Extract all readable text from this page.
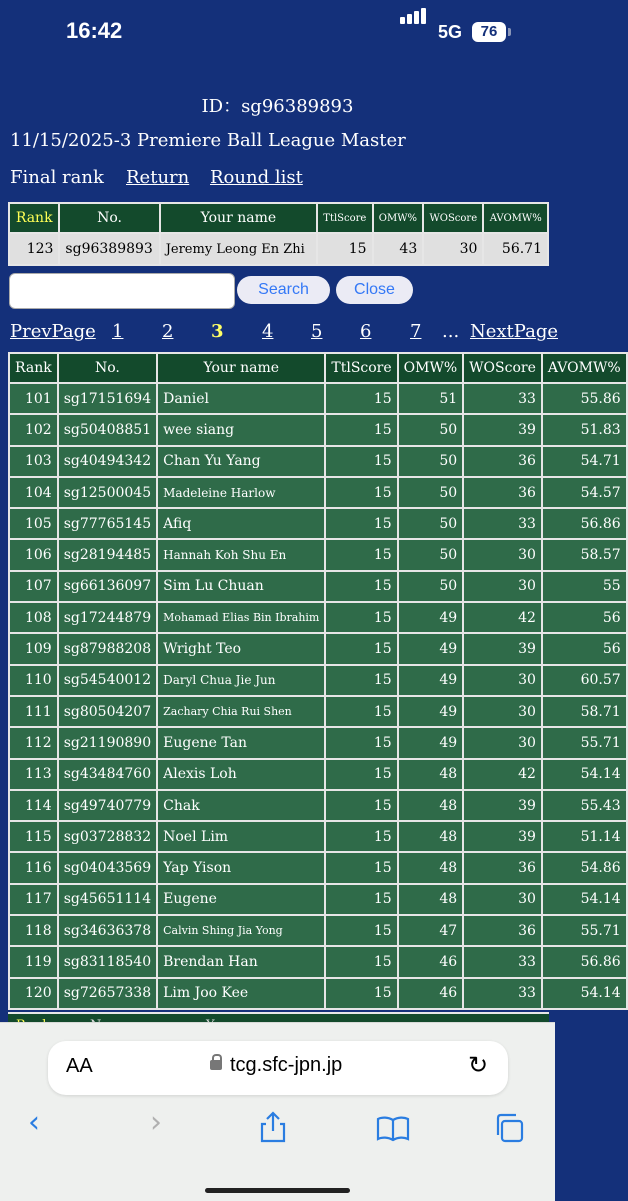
16:42	5G	76
ID：sg96389893
11/15/2025-3 Premiere Ball League Master
Final rank Return Round list
Rank	No.	Your name	TtlScore	OMW%	WOScore	AVOMW%
123	sg96389893	Jeremy Leong En Zhi	15	43	30	56.71
Search	Close
PrevPage 1	2	3	4	5	6	7	... NextPage
Rank	No.	Your name	TtlScore	OMW%	WOScore	AVOMW%
101	sg17151694	Daniel	15	51	33	55.86
102	sg50408851	wee siang	15	50	39	51.83
103	sg40494342	Chan Yu Yang	15	50	36	54.71
104	sg12500045	Madeleine Harlow	15	50	36	54.57
105	sg77765145	Afiq	15	50	33	56.86
106	sg28194485	Hannah Koh Shu En	15	50	30	58.57
107	sg66136097	Sim Lu Chuan	15	50	30	55
108	sg17244879	Mohamad Elias Bin Ibrahim	15	49	42	56
109	sg87988208	Wright Teo	15	49	39	56
110	sg54540012	Daryl Chua Jie Jun	15	49	30	60.57
111	sg80504207	Zachary Chia Rui Shen	15	49	30	58.71
112	sg21190890	Eugene Tan	15	49	30	55.71
113	sg43484760	Alexis Loh	15	48	42	54.14
114	sg49740779	Chak	15	48	39	55.43
115	sg03728832	Noel Lim	15	48	39	51.14
116	sg04043569	Yap Yison	15	48	36	54.86
117	sg45651114	Eugene	15	48	30	54.14
118	sg34636378	Calvin Shing Jia Yong	15	47	36	55.71
119	sg83118540	Brendan Han	15	46	33	56.86
120	sg72657338	Lim Joo Kee	15	46	33	54.14
AA	tcg.sfc-jpn.jp	↻
‹	›
